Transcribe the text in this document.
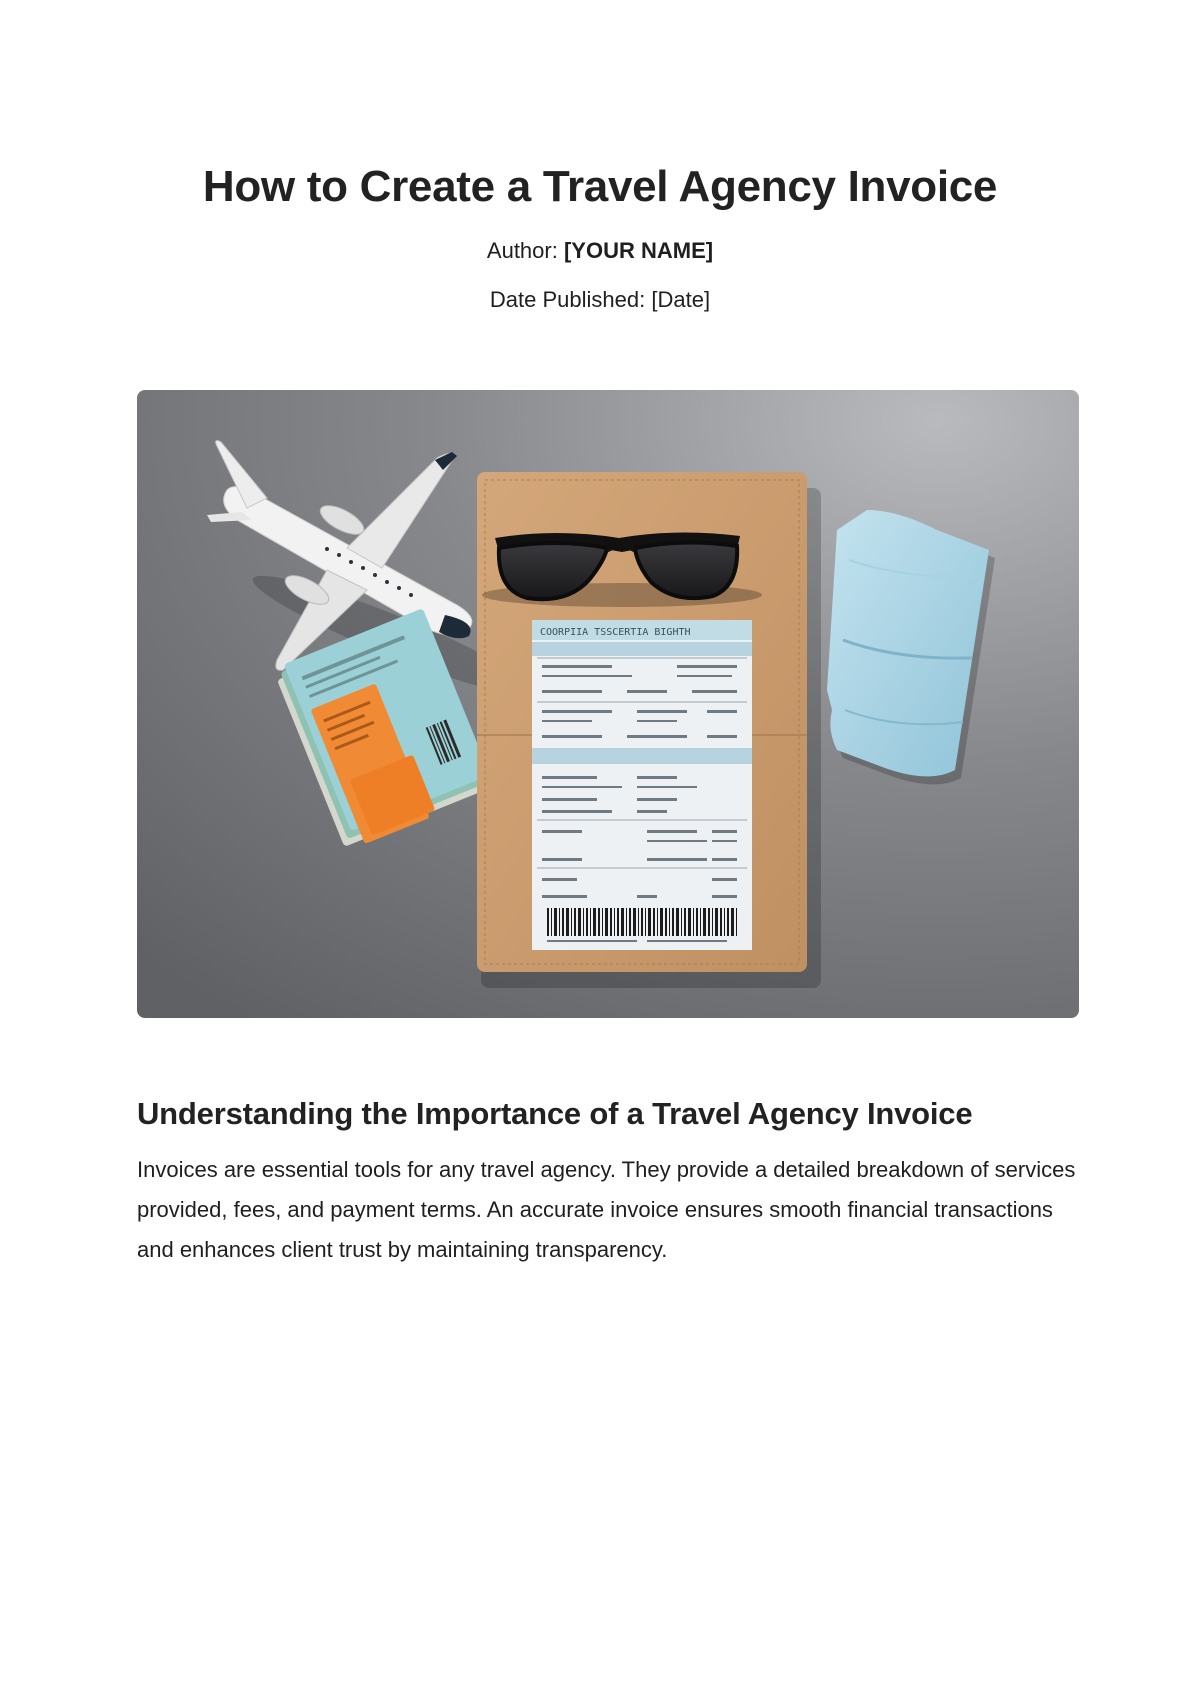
How to Create a Travel Agency Invoice
Author: [YOUR NAME]
Date Published: [Date]
COORPIIA TSSCERTIA BIGHTH
Understanding the Importance of a Travel Agency Invoice

Invoices are essential tools for any travel agency. They provide a detailed breakdown of services provided, fees, and payment terms. An accurate invoice ensures smooth financial transactions and enhances client trust by maintaining transparency.
